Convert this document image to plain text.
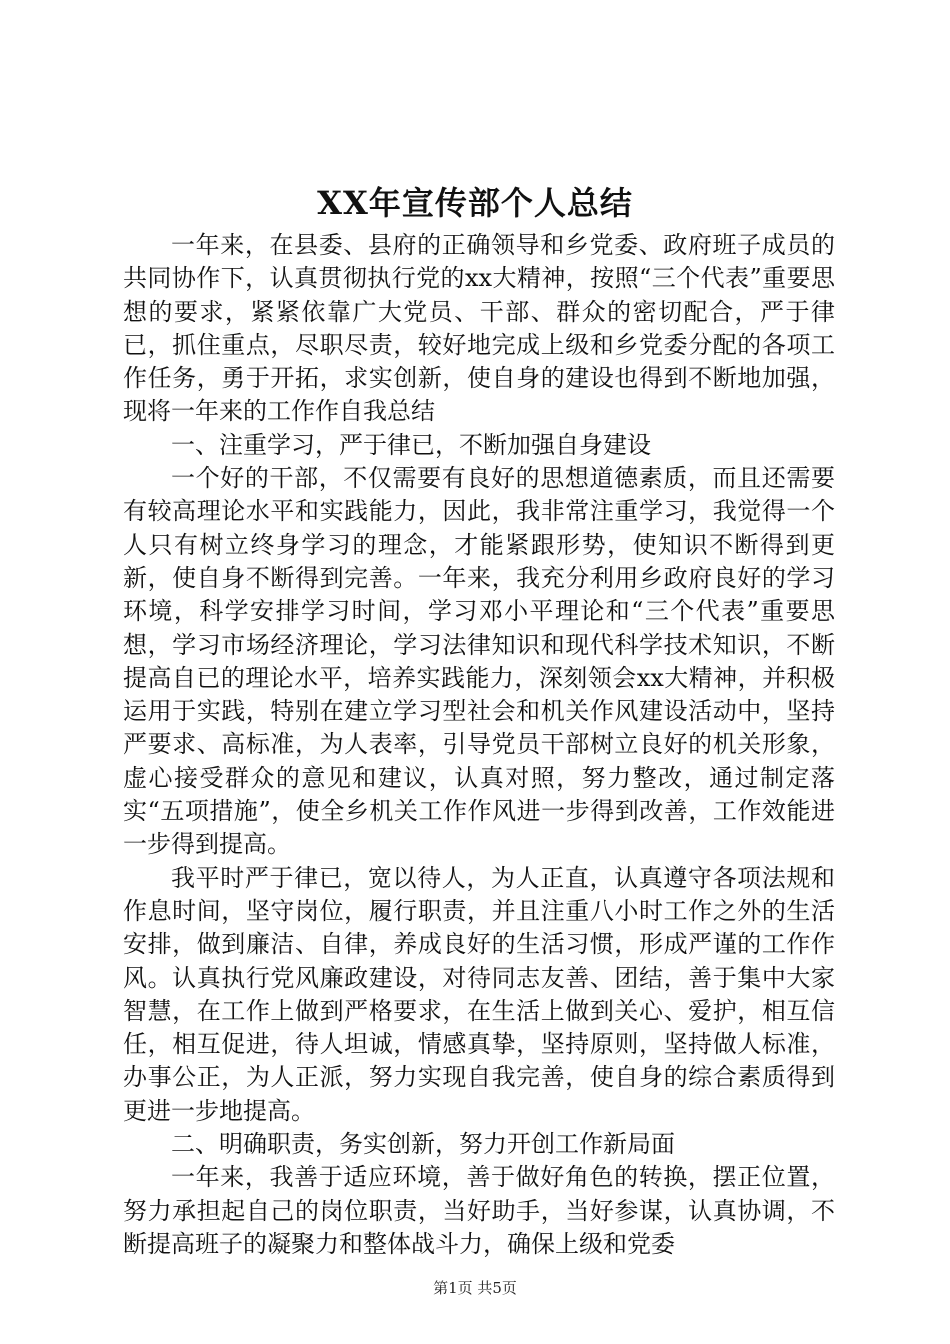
XX年宣传部个人总结

一年来，在县委、县府的正确领导和乡党委、政府班子成员的共同协作下，认真贯彻执行党的xx大精神，按照“三个代表”重要思想的要求，紧紧依靠广大党员、干部、群众的密切配合，严于律已，抓住重点，尽职尽责，较好地完成上级和乡党委分配的各项工作任务，勇于开拓，求实创新，使自身的建设也得到不断地加强，现将一年来的工作作自我总结

一、注重学习，严于律已，不断加强自身建设

一个好的干部，不仅需要有良好的思想道德素质，而且还需要有较高理论水平和实践能力，因此，我非常注重学习，我觉得一个人只有树立终身学习的理念，才能紧跟形势，使知识不断得到更新，使自身不断得到完善。一年来，我充分利用乡政府良好的学习环境，科学安排学习时间，学习邓小平理论和“三个代表”重要思想，学习市场经济理论，学习法律知识和现代科学技术知识，不断提高自已的理论水平，培养实践能力，深刻领会xx大精神，并积极运用于实践，特别在建立学习型社会和机关作风建设活动中，坚持严要求、高标准，为人表率，引导党员干部树立良好的机关形象，虚心接受群众的意见和建议，认真对照，努力整改，通过制定落实“五项措施”，使全乡机关工作作风进一步得到改善，工作效能进一步得到提高。

我平时严于律已，宽以待人，为人正直，认真遵守各项法规和作息时间，坚守岗位，履行职责，并且注重八小时工作之外的生活安排，做到廉洁、自律，养成良好的生活习惯，形成严谨的工作作风。认真执行党风廉政建设，对待同志友善、团结，善于集中大家智慧，在工作上做到严格要求，在生活上做到关心、爱护，相互信任，相互促进，待人坦诚，情感真挚，坚持原则，坚持做人标准，办事公正，为人正派，努力实现自我完善，使自身的综合素质得到更进一步地提高。

二、明确职责，务实创新，努力开创工作新局面

一年来，我善于适应环境，善于做好角色的转换，摆正位置，努力承担起自己的岗位职责，当好助手，当好参谋，认真协调，不断提高班子的凝聚力和整体战斗力，确保上级和党委

第1页 共5页
